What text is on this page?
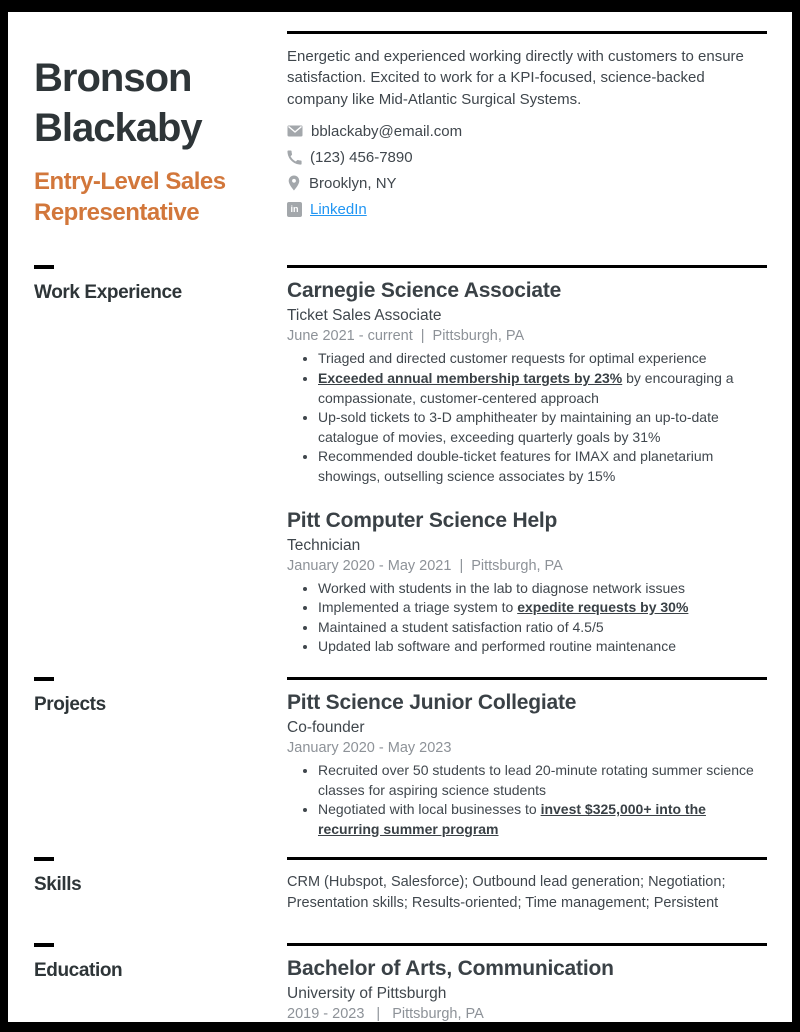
Bronson Blackaby
Entry-Level Sales Representative
Energetic and experienced working directly with customers to ensure satisfaction. Excited to work for a KPI-focused, science-backed company like Mid-Atlantic Surgical Systems.
bblackaby@email.com
(123) 456-7890
Brooklyn, NY
in LinkedIn
Work Experience	Carnegie Science Associate
Ticket Sales Associate
June 2021 - current | Pittsburgh, PA
• Triaged and directed customer requests for optimal experience
• Exceeded annual membership targets by 23% by encouraging a compassionate, customer-centered approach
• Up-sold tickets to 3-D amphitheater by maintaining an up-to-date catalogue of movies, exceeding quarterly goals by 31%
• Recommended double-ticket features for IMAX and planetarium showings, outselling science associates by 15%
Pitt Computer Science Help
Technician
January 2020 - May 2021 | Pittsburgh, PA
• Worked with students in the lab to diagnose network issues
• Implemented a triage system to expedite requests by 30%
• Maintained a student satisfaction ratio of 4.5/5
• Updated lab software and performed routine maintenance
Projects	Pitt Science Junior Collegiate
Co-founder
January 2020 - May 2023
• Recruited over 50 students to lead 20-minute rotating summer science classes for aspiring science students
• Negotiated with local businesses to invest $325,000+ into the recurring summer program
Skills	CRM (Hubspot, Salesforce); Outbound lead generation; Negotiation; Presentation skills; Results-oriented; Time management; Persistent
Education	Bachelor of Arts, Communication
University of Pittsburgh
2019 - 2023 | Pittsburgh, PA
